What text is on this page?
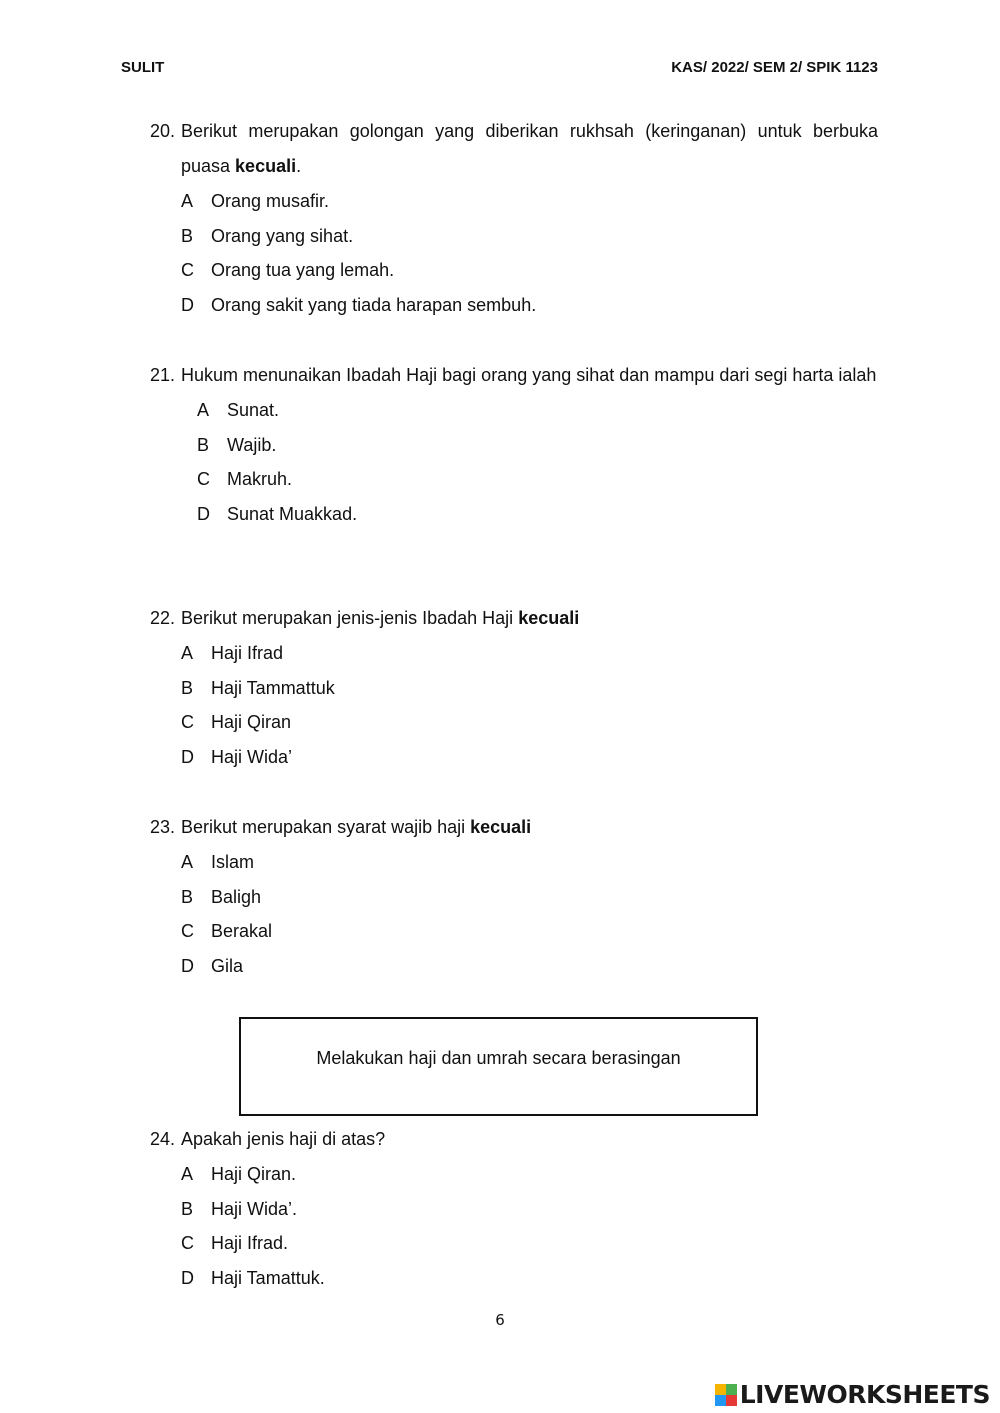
SULIT	KAS/ 2022/ SEM 2/ SPIK 1123
20. Berikut merupakan golongan yang diberikan rukhsah (keringanan) untuk berbuka puasa kecuali.
A Orang musafir.
B Orang yang sihat.
C Orang tua yang lemah.
D Orang sakit yang tiada harapan sembuh.
21. Hukum menunaikan Ibadah Haji bagi orang yang sihat dan mampu dari segi harta ialah
A Sunat.
B Wajib.
C Makruh.
D Sunat Muakkad.
22. Berikut merupakan jenis-jenis Ibadah Haji kecuali
A Haji Ifrad
B Haji Tammattuk
C Haji Qiran
D Haji Wida’
23. Berikut merupakan syarat wajib haji kecuali
A Islam
B Baligh
C Berakal
D Gila
Melakukan haji dan umrah secara berasingan
24. Apakah jenis haji di atas?
A Haji Qiran.
B Haji Wida’.
C Haji Ifrad.
D Haji Tamattuk.
6
LIVEWORKSHEETS
